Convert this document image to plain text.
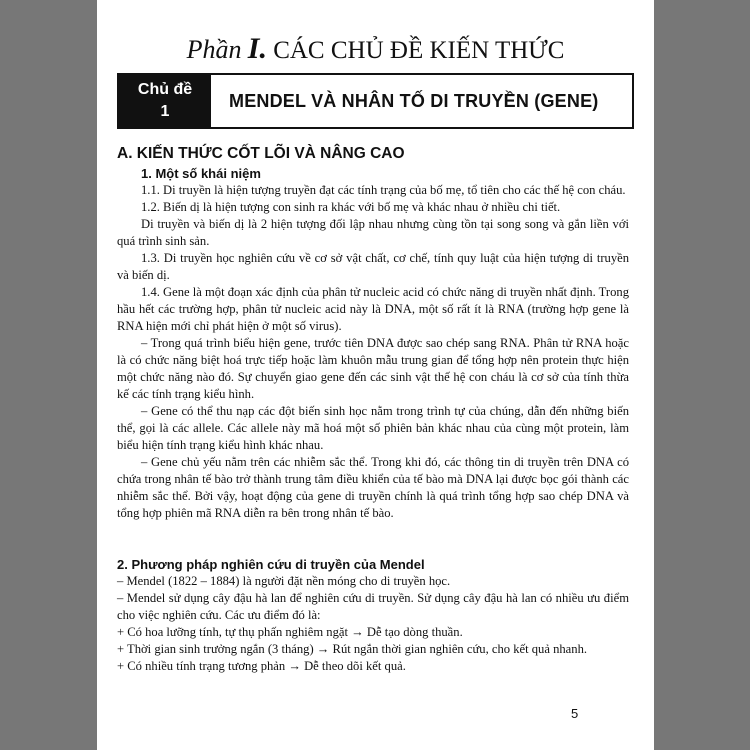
Phần I. CÁC CHỦ ĐỀ KIẾN THỨC
Chủ đề
1
MENDEL VÀ NHÂN TỐ DI TRUYỀN (GENE)
A. KIẾN THỨC CỐT LÕI VÀ NÂNG CAO
1. Một số khái niệm

1.1. Di truyền là hiện tượng truyền đạt các tính trạng của bố mẹ, tổ tiên cho các thế hệ con cháu.

1.2. Biến dị là hiện tượng con sinh ra khác với bố mẹ và khác nhau ở nhiều chi tiết.

Di truyền và biến dị là 2 hiện tượng đối lập nhau nhưng cùng tồn tại song song và gắn liền với quá trình sinh sản.

1.3. Di truyền học nghiên cứu về cơ sở vật chất, cơ chế, tính quy luật của hiện tượng di truyền và biến dị.

1.4. Gene là một đoạn xác định của phân tử nucleic acid có chức năng di truyền nhất định. Trong hầu hết các trường hợp, phân tử nucleic acid này là DNA, một số rất ít là RNA (trường hợp gene là RNA hiện mới chỉ phát hiện ở một số virus).

– Trong quá trình biểu hiện gene, trước tiên DNA được sao chép sang RNA. Phân tử RNA hoặc là có chức năng biệt hoá trực tiếp hoặc làm khuôn mẫu trung gian để tổng hợp nên protein thực hiện một chức năng nào đó. Sự chuyển giao gene đến các sinh vật thế hệ con cháu là cơ sở của tính thừa kế các tính trạng kiểu hình.

– Gene có thể thu nạp các đột biến sinh học nằm trong trình tự của chúng, dẫn đến những biến thể, gọi là các allele. Các allele này mã hoá một số phiên bản khác nhau của cùng một protein, làm biểu hiện tính trạng kiểu hình khác nhau.

– Gene chủ yếu nằm trên các nhiễm sắc thể. Trong khi đó, các thông tin di truyền trên DNA có chứa trong nhân tế bào trở thành trung tâm điều khiển của tế bào mà DNA lại được bọc gói thành các nhiễm sắc thể. Bởi vậy, hoạt động của gene di truyền chính là quá trình tổng hợp sao chép DNA và tổng hợp phiên mã RNA diễn ra bên trong nhân tế bào.

2. Phương pháp nghiên cứu di truyền của Mendel

– Mendel (1822 – 1884) là người đặt nền móng cho di truyền học.

– Mendel sử dụng cây đậu hà lan để nghiên cứu di truyền. Sử dụng cây đậu hà lan có nhiều ưu điểm cho việc nghiên cứu. Các ưu điểm đó là:

+ Có hoa lưỡng tính, tự thụ phấn nghiêm ngặt → Dễ tạo dòng thuần.

+ Thời gian sinh trưởng ngắn (3 tháng) → Rút ngắn thời gian nghiên cứu, cho kết quả nhanh.

+ Có nhiều tính trạng tương phản → Dễ theo dõi kết quả.

5
